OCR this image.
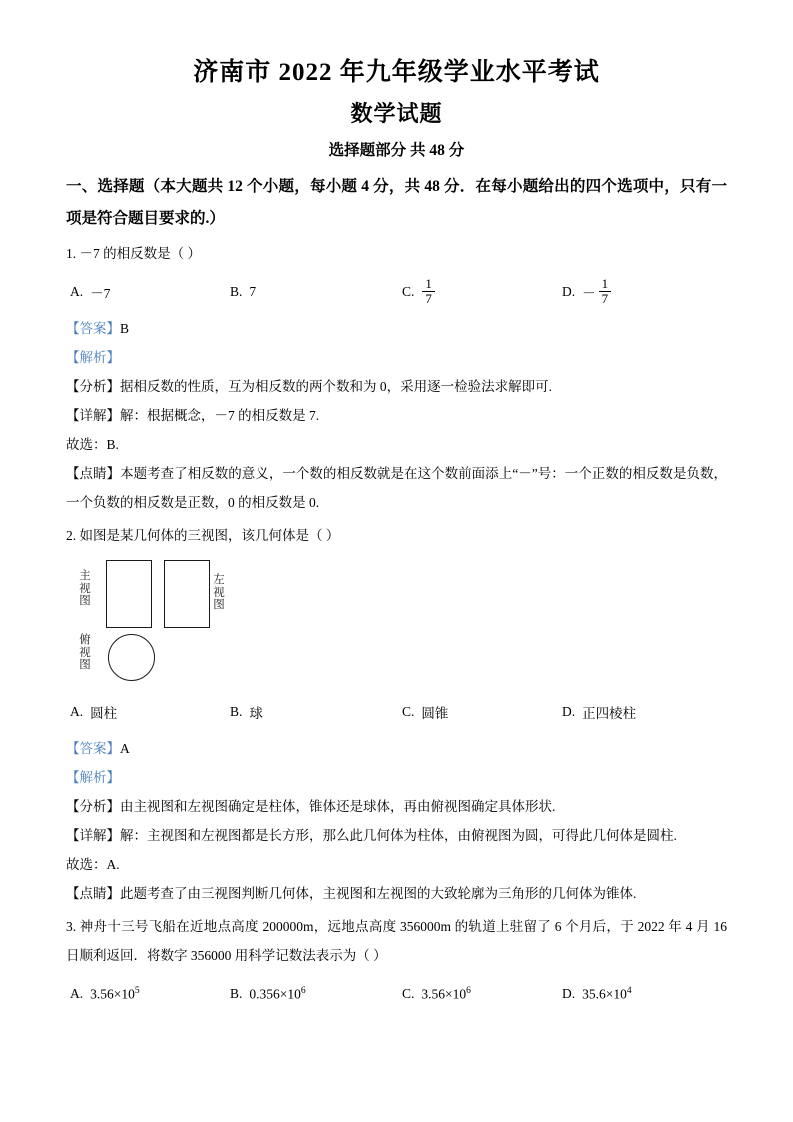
济南市 2022 年九年级学业水平考试
数学试题
选择题部分 共 48 分
一、选择题（本大题共 12 个小题，每小题 4 分，共 48 分．在每小题给出的四个选项中，只有一项是符合题目要求的.）
1. －7 的相反数是（ ）
A. －7	B. 7	C. $\frac{1}{7}$	D. － $\frac{1}{7}$
【答案】B
【解析】
【分析】据相反数的性质，互为相反数的两个数和为 0，采用逐一检验法求解即可.
【详解】解：根据概念，－7 的相反数是 7.
故选：B.
【点睛】本题考查了相反数的意义，一个数的相反数就是在这个数前面添上“－”号：一个正数的相反数是负数，一个负数的相反数是正数，0 的相反数是 0.
2. 如图是某几何体的三视图，该几何体是（ ）
主视图
左视图
俯视图
A. 圆柱	B. 球	C. 圆锥	D. 正四棱柱
【答案】A
【解析】
【分析】由主视图和左视图确定是柱体，锥体还是球体，再由俯视图确定具体形状.
【详解】解：主视图和左视图都是长方形，那么此几何体为柱体，由俯视图为圆，可得此几何体是圆柱.
故选：A.
【点睛】此题考查了由三视图判断几何体，主视图和左视图的大致轮廓为三角形的几何体为锥体.
3. 神舟十三号飞船在近地点高度 200000m，远地点高度 356000m 的轨道上驻留了 6 个月后，于 2022 年 4 月 16 日顺利返回．将数字 356000 用科学记数法表示为（ ）
A. $3.56\times 10^5$	B. $0.356\times 10^6$	C. $3.56\times 10^6$	D. $35.6\times 10^4$
